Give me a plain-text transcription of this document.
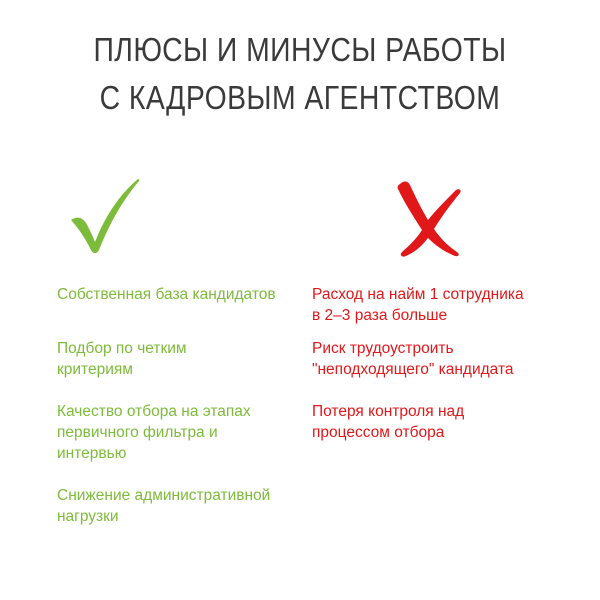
ПЛЮСЫ И МИНУСЫ РАБОТЫ
С КАДРОВЫМ АГЕНТСТВОМ
Собственная база кандидатов
Подбор по четким
критериям
Качество отбора на этапах
первичного фильтра и
интервью
Снижение административной
нагрузки
Расход на найм 1 сотрудника
в 2–3 раза больше
Риск трудоустроить
"неподходящего" кандидата
Потеря контроля над
процессом отбора
